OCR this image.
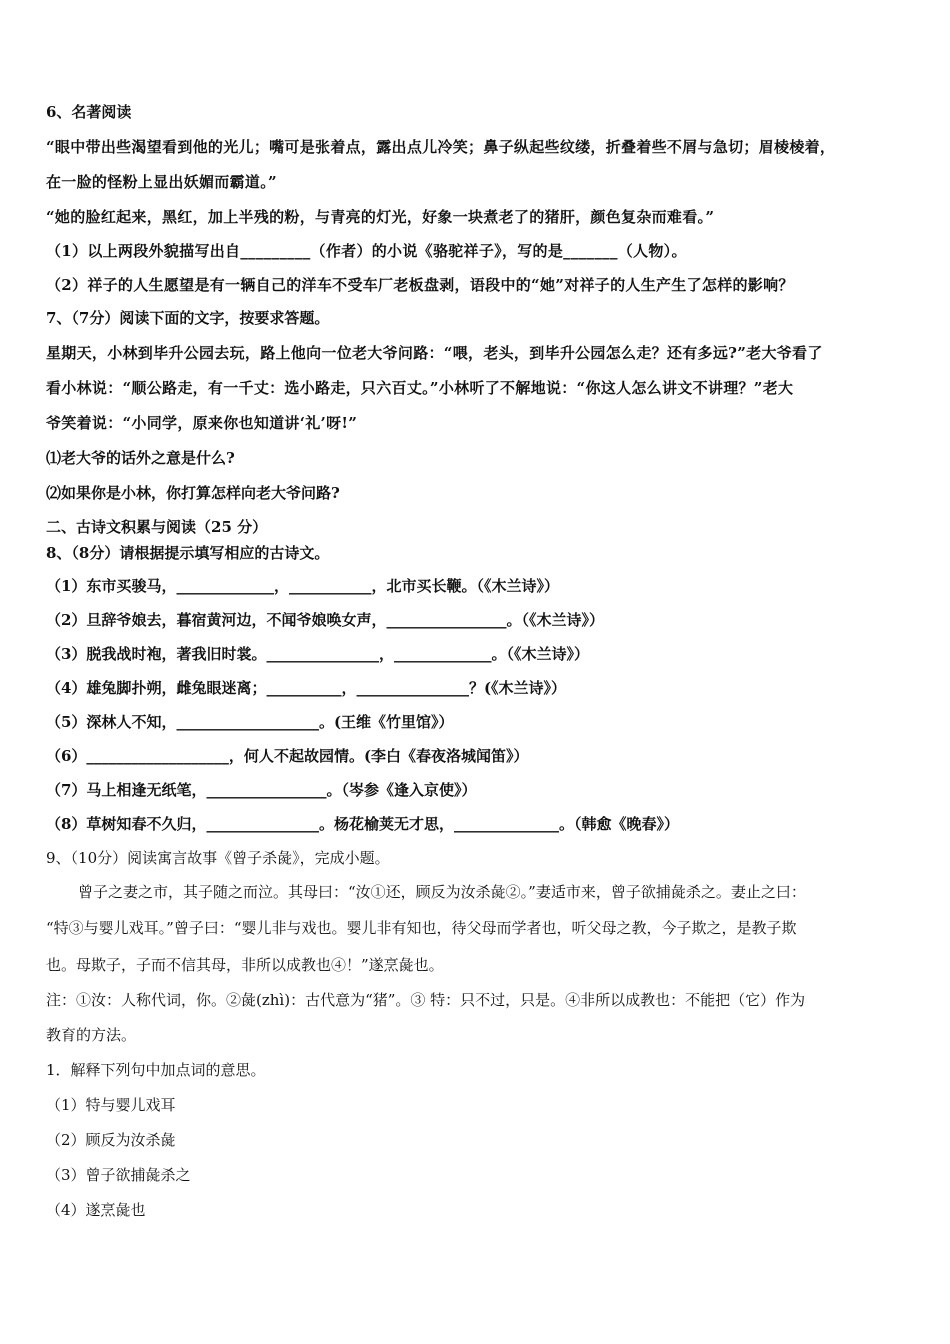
6、名著阅读
“眼中带出些渴望看到他的光儿；嘴可是张着点，露出点儿冷笑；鼻子纵起些纹缕，折叠着些不屑与急切；眉棱棱着，
在一脸的怪粉上显出妖媚而霸道。”
“她的脸红起来，黑红，加上半残的粉，与青亮的灯光，好象一块煮老了的猪肝，颜色复杂而难看。”
（1）以上两段外貌描写出自_________（作者）的小说《骆驼祥子》，写的是_______（人物）。
（2）祥子的人生愿望是有一辆自己的洋车不受车厂老板盘剥，语段中的“她”对祥子的人生产生了怎样的影响？
7、（7分）阅读下面的文字，按要求答题。
星期天，小林到毕升公园去玩，路上他向一位老大爷问路：“喂，老头，到毕升公园怎么走？还有多远?”老大爷看了
看小林说：“顺公路走，有一千丈：选小路走，只六百丈。”小林听了不解地说：“你这人怎么讲文不讲理？”老大
爷笑着说：“小同学，原来你也知道讲‘礼’呀!”
⑴老大爷的话外之意是什么?
⑵如果你是小林，你打算怎样向老大爷问路?
二、古诗文积累与阅读（25 分）
8、（8分）请根据提示填写相应的古诗文。
（1）东市买骏马，_____________，___________，北市买长鞭。（《木兰诗》）
（2）旦辞爷娘去，暮宿黄河边，不闻爷娘唤女声，________________。（《木兰诗》）
（3）脱我战时袍，著我旧时裳。_______________，_____________。（《木兰诗》）
（4）雄兔脚扑朔，雌兔眼迷离；__________，_______________？(《木兰诗》）
（5）深林人不知，___________________。(王维《竹里馆》）
（6）___________________，何人不起故园情。(李白《春夜洛城闻笛》）
（7）马上相逢无纸笔，________________。（岑参《逢入京使》）
（8）草树知春不久归，_______________。杨花榆荚无才思，______________。（韩愈《晚春》）
9、（10分）阅读寓言故事《曾子杀彘》，完成小题。
曾子之妻之市，其子随之而泣。其母曰：“汝①还，顾反为汝杀彘②。”妻适市来，曾子欲捕彘杀之。妻止之曰：
“特③与婴儿戏耳。”曾子曰：“婴儿非与戏也。婴儿非有知也，待父母而学者也，听父母之教，今子欺之，是教子欺
也。母欺子，子而不信其母，非所以成教也④！”遂烹彘也。
注：①汝：人称代词，你。②彘(zhì)：古代意为“猪”。③ 特：只不过，只是。④非所以成教也：不能把（它）作为
教育的方法。
1．解释下列句中加点词的意思。
（1）特与婴儿戏耳
（2）顾反为汝杀彘
（3）曾子欲捕彘杀之
（4）遂烹彘也
